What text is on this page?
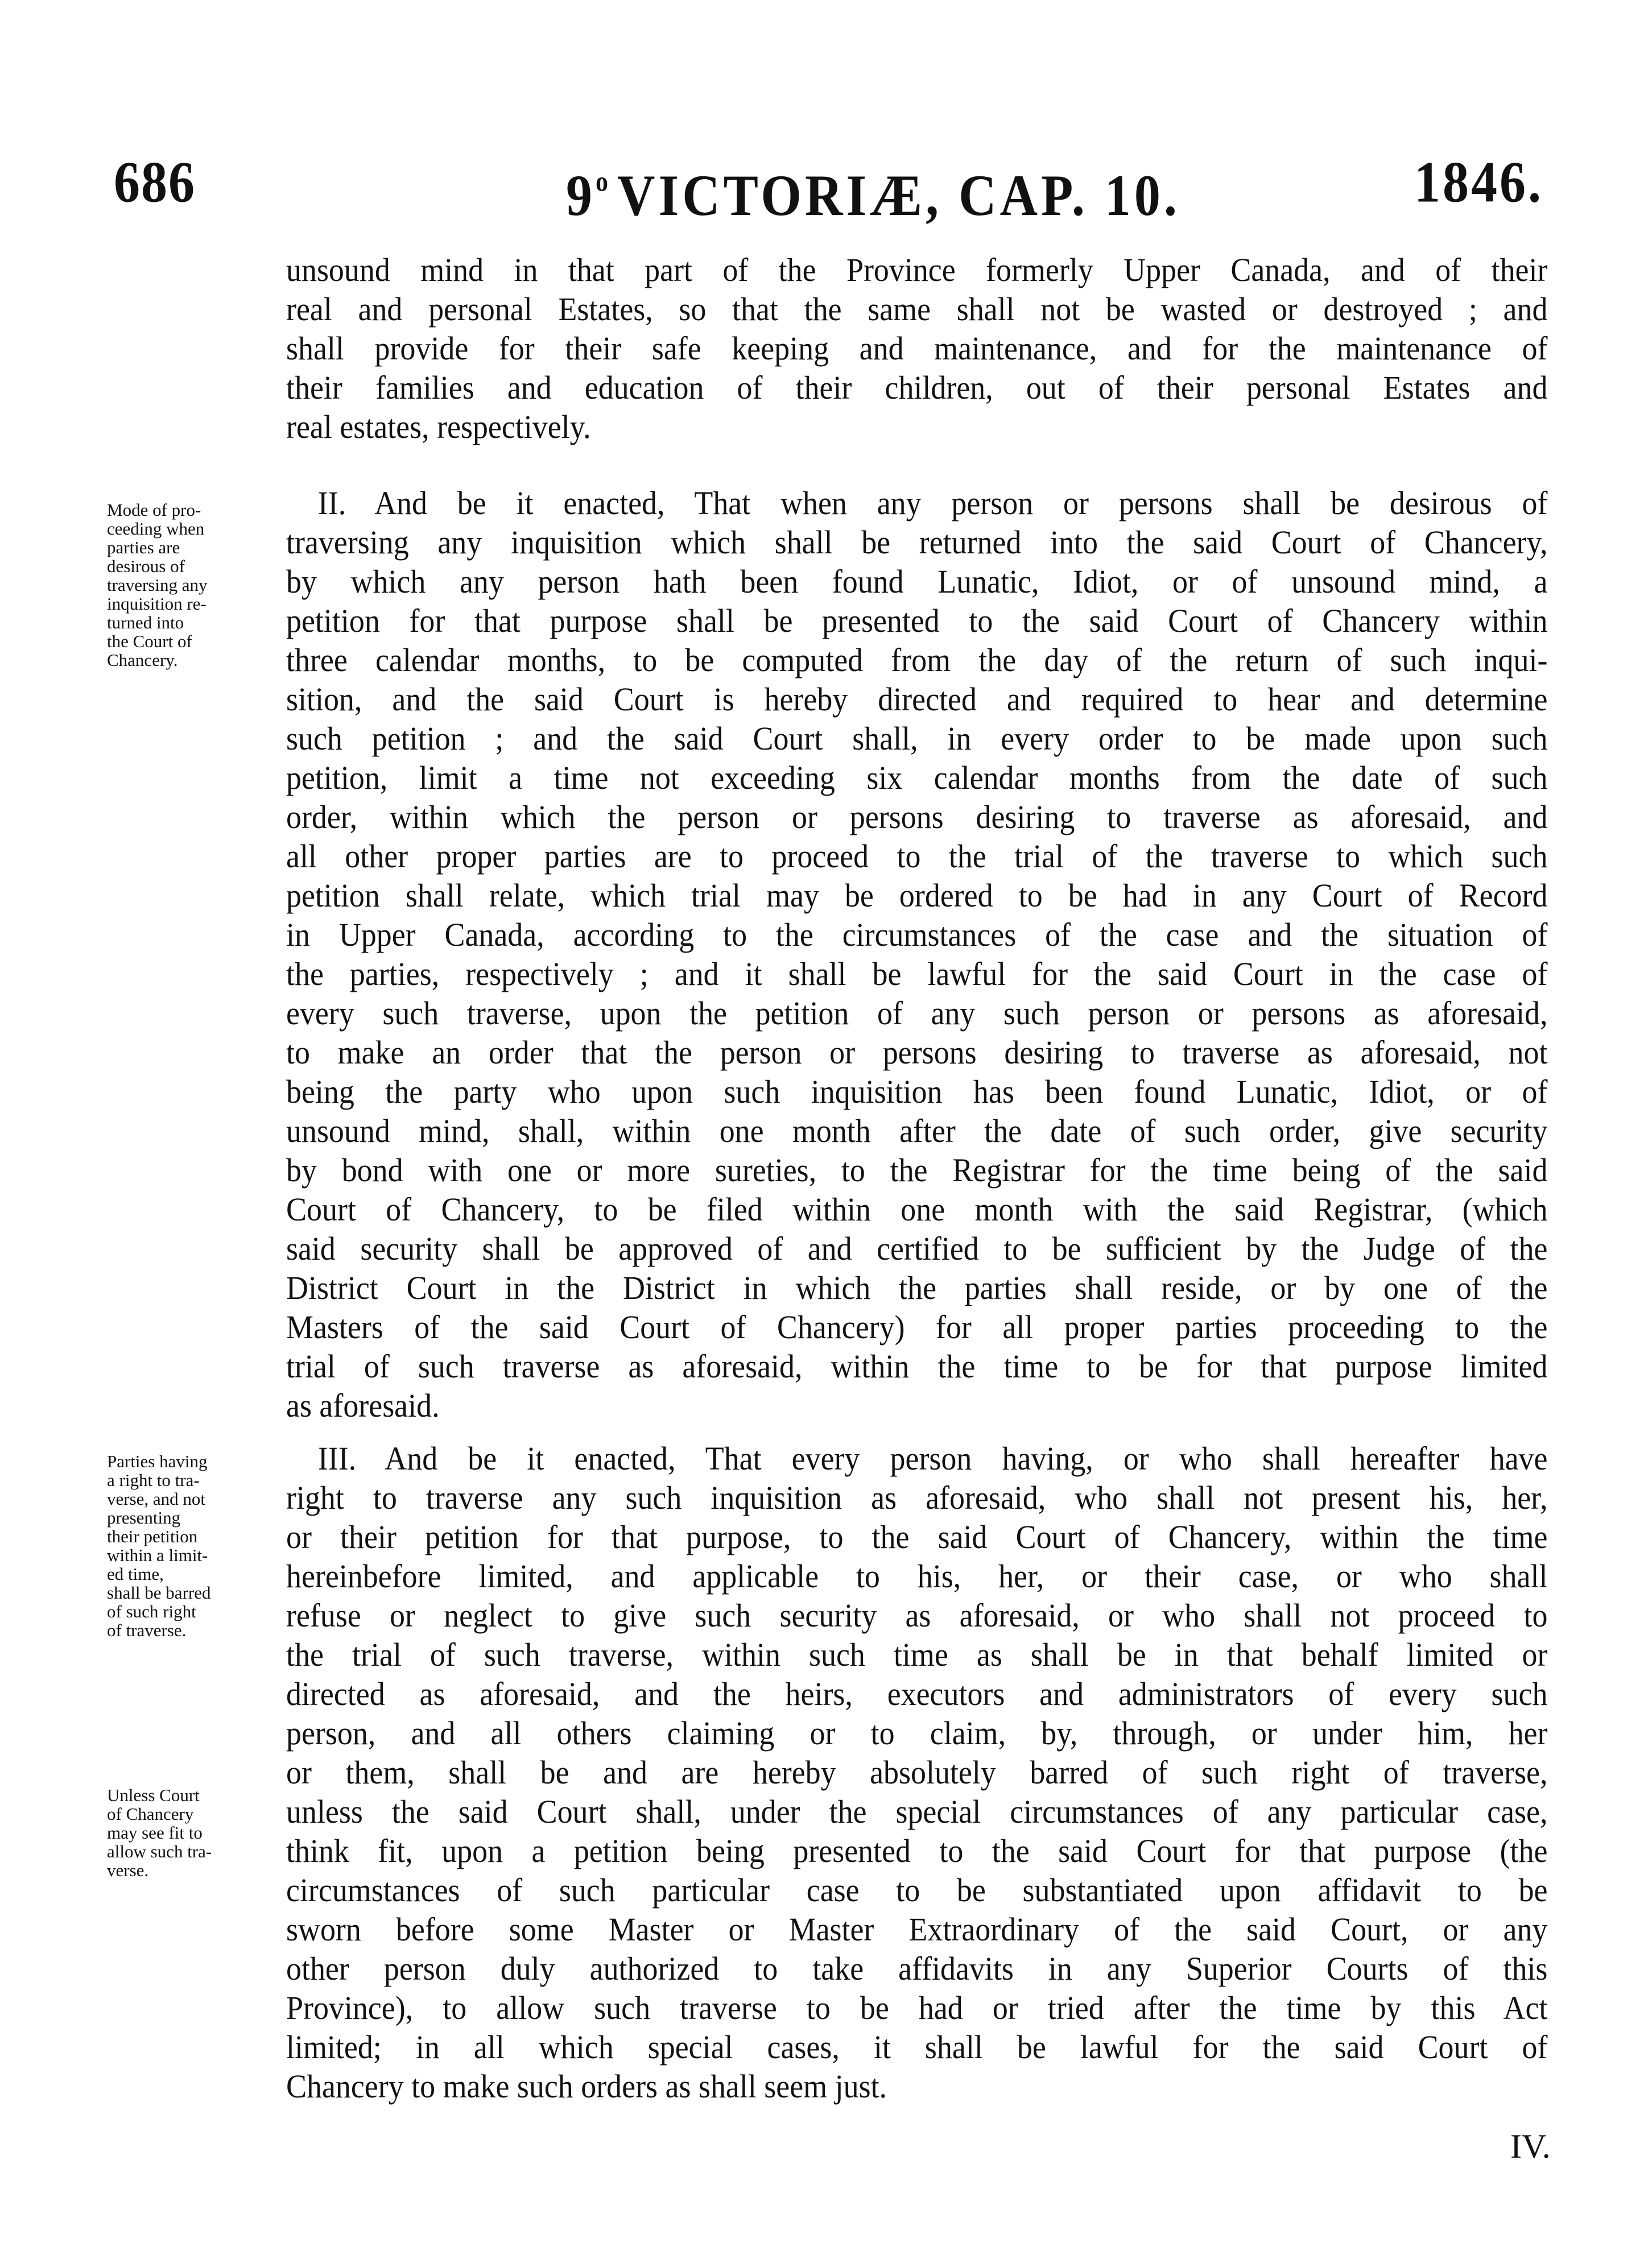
686	9$^o$ VICTORIÆ, CAP. 10.	1846.
unsound mind in that part of the Province formerly Upper Canada, and of their
real and personal Estates, so that the same shall not be wasted or destroyed ; and
shall provide for their safe keeping and maintenance, and for the maintenance of
their families and education of their children, out of their personal Estates and
real estates, respectively.
Mode of pro-
ceeding when
parties are
desirous of
traversing any
inquisition re-
turned into
the Court of
Chancery.
II. And be it enacted, That when any person or persons shall be desirous of
traversing any inquisition which shall be returned into the said Court of Chancery,
by which any person hath been found Lunatic, Idiot, or of unsound mind, a
petition for that purpose shall be presented to the said Court of Chancery within
three calendar months, to be computed from the day of the return of such inqui-
sition, and the said Court is hereby directed and required to hear and determine
such petition ; and the said Court shall, in every order to be made upon such
petition, limit a time not exceeding six calendar months from the date of such
order, within which the person or persons desiring to traverse as aforesaid, and
all other proper parties are to proceed to the trial of the traverse to which such
petition shall relate, which trial may be ordered to be had in any Court of Record
in Upper Canada, according to the circumstances of the case and the situation of
the parties, respectively ; and it shall be lawful for the said Court in the case of
every such traverse, upon the petition of any such person or persons as aforesaid,
to make an order that the person or persons desiring to traverse as aforesaid, not
being the party who upon such inquisition has been found Lunatic, Idiot, or of
unsound mind, shall, within one month after the date of such order, give security
by bond with one or more sureties, to the Registrar for the time being of the said
Court of Chancery, to be filed within one month with the said Registrar, (which
said security shall be approved of and certified to be sufficient by the Judge of the
District Court in the District in which the parties shall reside, or by one of the
Masters of the said Court of Chancery) for all proper parties proceeding to the
trial of such traverse as aforesaid, within the time to be for that purpose limited
as aforesaid.
Parties having
a right to tra-
verse, and not
presenting
their petition
within a limit-
ed time,
shall be barred
of such right
of traverse.
Unless Court
of Chancery
may see fit to
allow such tra-
verse.
III. And be it enacted, That every person having, or who shall hereafter have
right to traverse any such inquisition as aforesaid, who shall not present his, her,
or their petition for that purpose, to the said Court of Chancery, within the time
hereinbefore limited, and applicable to his, her, or their case, or who shall
refuse or neglect to give such security as aforesaid, or who shall not proceed to
the trial of such traverse, within such time as shall be in that behalf limited or
directed as aforesaid, and the heirs, executors and administrators of every such
person, and all others claiming or to claim, by, through, or under him, her
or them, shall be and are hereby absolutely barred of such right of traverse,
unless the said Court shall, under the special circumstances of any particular case,
think fit, upon a petition being presented to the said Court for that purpose (the
circumstances of such particular case to be substantiated upon affidavit to be
sworn before some Master or Master Extraordinary of the said Court, or any
other person duly authorized to take affidavits in any Superior Courts of this
Province), to allow such traverse to be had or tried after the time by this Act
limited; in all which special cases, it shall be lawful for the said Court of
Chancery to make such orders as shall seem just.
IV.
